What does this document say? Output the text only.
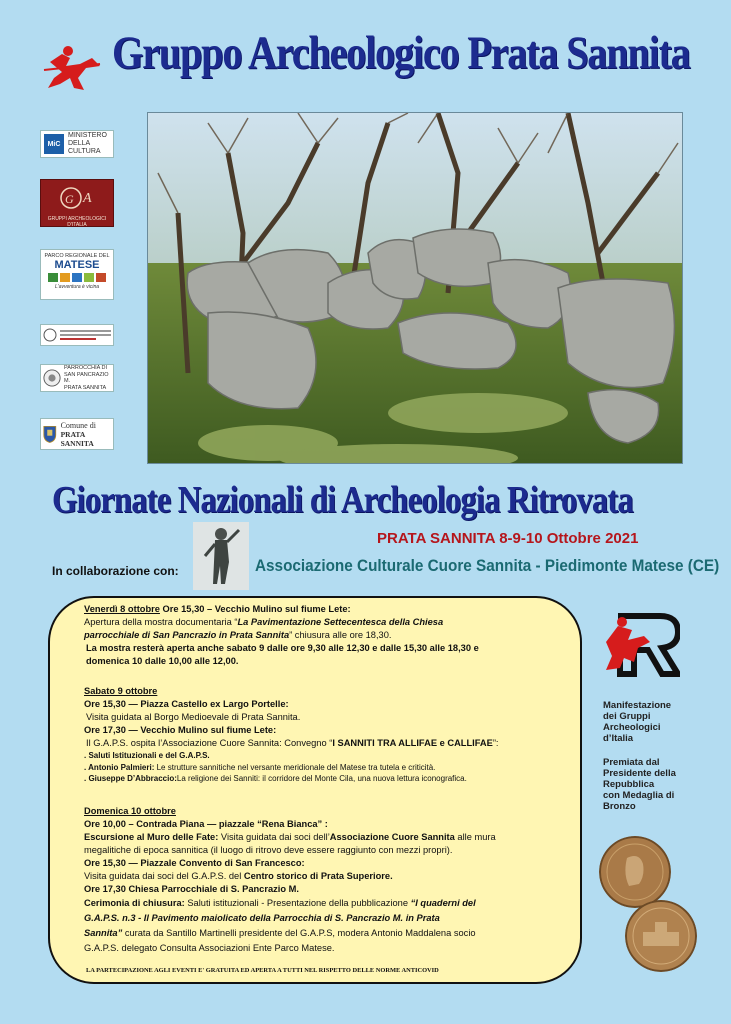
Gruppo Archeologico Prata Sannita
MiC
MINISTERO
DELLA
CULTURA
A
G
GRUPPI ARCHEOLOGICI D'ITALIA
PARCO REGIONALE DEL
MATESE
L'avventura è vicina
PARROCCHIA DI
SAN PANCRAZIO M.
PRATA SANNITA
Comune di
PRATA SANNITA
Giornate Nazionali di Archeologia Ritrovata
PRATA SANNITA 8-9-10 Ottobre 2021
In collaborazione con:	Associazione Culturale Cuore Sannita - Piedimonte Matese (CE)
Venerdì 8 ottobre Ore 15,30 – Vecchio Mulino sul fiume Lete:
Apertura della mostra documentaria “La Pavimentazione Settecentesca della Chiesa
parrocchiale di San Pancrazio in Prata Sannita” chiusura alle ore 18,30.
La mostra resterà aperta anche sabato 9 dalle ore 9,30 alle 12,30 e dalle 15,30 alle 18,30 e
domenica 10 dalle 10,00 alle 12,00.
Sabato 9 ottobre
Ore 15,30 — Piazza Castello ex Largo Portelle:
Visita guidata al Borgo Medioevale di Prata Sannita.
Ore 17,30 — Vecchio Mulino sul fiume Lete:
Il G.A.P.S. ospita l’Associazione Cuore Sannita: Convegno “I SANNITI TRA ALLIFAE e CALLIFAE”:
. Saluti Istituzionali e del G.A.P.S.
. Antonio Palmieri: Le strutture sannitiche nel versante meridionale del Matese tra tutela e criticità.
. Giuseppe D’Abbraccio:La religione dei Sanniti: il corridore del Monte Cila, una nuova lettura iconografica.
Domenica 10 ottobre
Ore 10,00 – Contrada Piana — piazzale “Rena Bianca” :
Escursione al Muro delle Fate: Visita guidata dai soci dell’Associazione Cuore Sannita alle mura
megalitiche di epoca sannitica (il luogo di ritrovo deve essere raggiunto con mezzi propri).
Ore 15,30 — Piazzale Convento di San Francesco:
Visita guidata dai soci del G.A.P.S. del Centro storico di Prata Superiore.
Ore 17,30 Chiesa Parrocchiale di S. Pancrazio M.
Cerimonia di chiusura: Saluti istituzionali - Presentazione della pubblicazione “I quaderni del
G.A.P.S. n.3 - Il Pavimento maiolicato della Parrocchia di S. Pancrazio M. in Prata
Sannita” curata da Santillo Martinelli presidente del G.A.P.S, modera Antonio Maddalena socio
G.A.P.S. delegato Consulta Associazioni Ente Parco Matese.
LA PARTECIPAZIONE AGLI EVENTI E' GRATUITA ED APERTA A TUTTI NEL RISPETTO DELLE NORME ANTICOVID
Manifestazione
dei Gruppi
Archeologici
d’Italia
Premiata dal
Presidente della
Repubblica
con Medaglia di
Bronzo
